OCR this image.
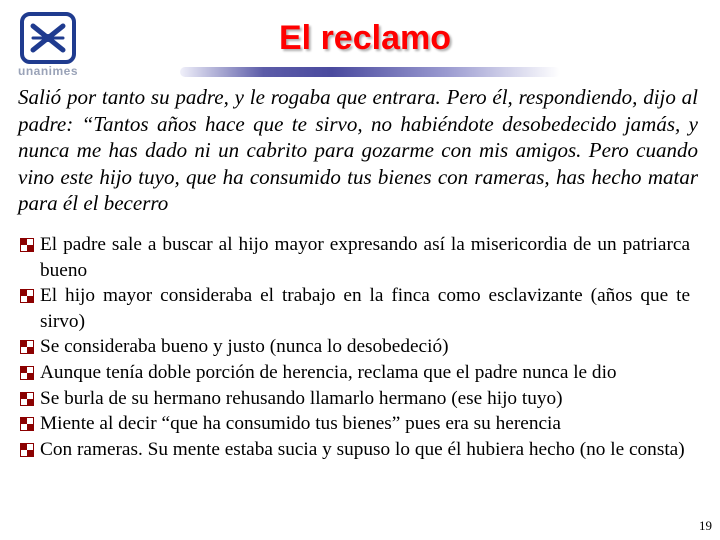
unanimes
El reclamo
Salió por tanto su padre, y le rogaba que entrara. Pero él, respondiendo, dijo al padre: “Tantos años hace que te sirvo, no habiéndote desobedecido jamás, y nunca me has dado ni un cabrito para gozarme con mis amigos. Pero cuando vino este hijo tuyo, que ha consumido tus bienes con rameras, has hecho matar para él el becerro
El padre sale a buscar al hijo mayor expresando así la misericordia de un patriarca bueno
El hijo mayor consideraba el trabajo en la finca como esclavizante (años que te sirvo)
Se consideraba bueno y justo (nunca lo desobedeció)
Aunque tenía doble porción de herencia, reclama que el padre nunca le dio
Se burla de su hermano rehusando llamarlo hermano (ese hijo tuyo)
Miente al decir “que ha consumido tus bienes” pues era su herencia
Con rameras. Su mente estaba sucia y supuso lo que él hubiera hecho (no le consta)
19
